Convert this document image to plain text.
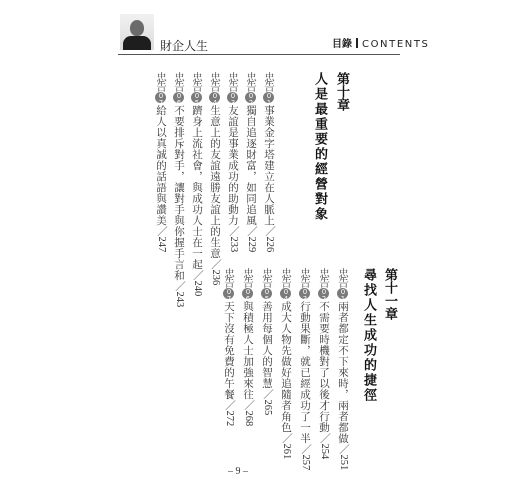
財企人生	目錄 CONTENTS
第十章
人是最重要的經營對象
忠告01事業金字塔建立在人脈上／226
忠告02獨自追逐財富，如同追風／229
忠告03友誼是事業成功的助動力／233
忠告04生意上的友誼遠勝友誼上的生意／236
忠告05躋身上流社會，與成功人士在一起／240
忠告06不要排斥對手，讓對手與你握手言和／243
忠告07給人以真誠的話語與讚美／247
第十一章
尋找人生成功的捷徑
忠告01兩者都定不下來時，兩者都做／251
忠告02不需要時機對了以後才行動／254
忠告03行動果斷，就已經成功了一半／257
忠告04成大人物先做好追隨者角色／261
忠告05善用每個人的智慧／265
忠告06與積極人士加強來往／268
忠告07天下沒有免費的午餐／272
– 9 –
